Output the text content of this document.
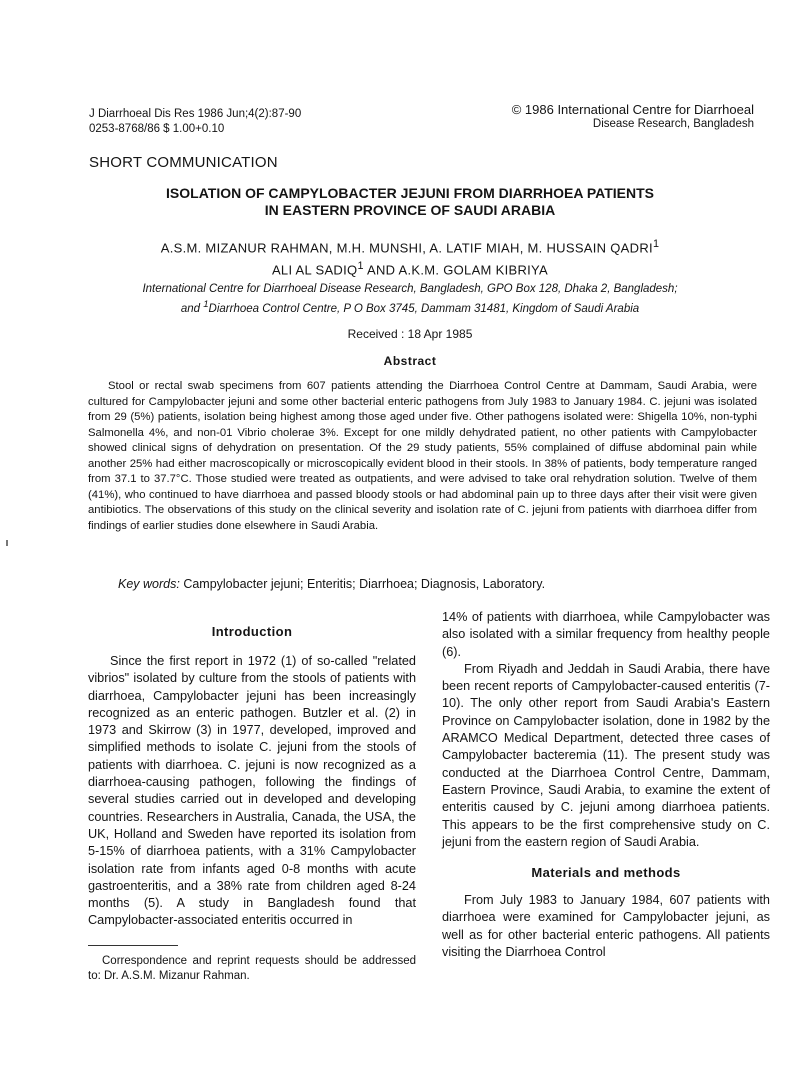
J Diarrhoeal Dis Res 1986 Jun;4(2):87-90
0253-8768/86 $ 1.00+0.10
© 1986 International Centre for Diarrhoeal
Disease Research, Bangladesh
SHORT COMMUNICATION
ISOLATION OF CAMPYLOBACTER JEJUNI FROM DIARRHOEA PATIENTS
IN EASTERN PROVINCE OF SAUDI ARABIA
A.S.M. MIZANUR RAHMAN, M.H. MUNSHI, A. LATIF MIAH, M. HUSSAIN QADRI$^1$
ALI AL SADIQ$^1$ AND A.K.M. GOLAM KIBRIYA
International Centre for Diarrhoeal Disease Research, Bangladesh, GPO Box 128, Dhaka 2, Bangladesh;
and $^1$Diarrhoea Control Centre, P O Box 3745, Dammam 31481, Kingdom of Saudi Arabia
Received : 18 Apr 1985
Abstract

Stool or rectal swab specimens from 607 patients attending the Diarrhoea Control Centre at Dammam, Saudi Arabia, were cultured for Campylobacter jejuni and some other bacterial enteric pathogens from July 1983 to January 1984. C. jejuni was isolated from 29 (5%) patients, isolation being highest among those aged under five. Other pathogens isolated were: Shigella 10%, non-typhi Salmonella 4%, and non-01 Vibrio cholerae 3%. Except for one mildly dehydrated patient, no other patients with Campylobacter showed clinical signs of dehydration on presentation. Of the 29 study patients, 55% complained of diffuse abdominal pain while another 25% had either macroscopically or microscopically evident blood in their stools. In 38% of patients, body temperature ranged from 37.1 to 37.7°C. Those studied were treated as outpatients, and were advised to take oral rehydration solution. Twelve of them (41%), who continued to have diarrhoea and passed bloody stools or had abdominal pain up to three days after their visit were given antibiotics. The observations of this study on the clinical severity and isolation rate of C. jejuni from patients with diarrhoea differ from findings of earlier studies done elsewhere in Saudi Arabia.

Key words: Campylobacter jejuni; Enteritis; Diarrhoea; Diagnosis, Laboratory.
Introduction

Since the first report in 1972 (1) of so-called "related vibrios" isolated by culture from the stools of patients with diarrhoea, Campylobacter jejuni has been increasingly recognized as an enteric pathogen. Butzler et al. (2) in 1973 and Skirrow (3) in 1977, developed, improved and simplified methods to isolate C. jejuni from the stools of patients with diarrhoea. C. jejuni is now recognized as a diarrhoea-causing pathogen, following the findings of several studies carried out in developed and developing countries. Researchers in Australia, Canada, the USA, the UK, Holland and Sweden have reported its isolation from 5-15% of diarrhoea patients, with a 31% Campylobacter isolation rate from infants aged 0-8 months with acute gastroenteritis, and a 38% rate from children aged 8-24 months (5). A study in Bangladesh found that Campylobacter-associated enteritis occurred in

14% of patients with diarrhoea, while Campylobacter was also isolated with a similar frequency from healthy people (6).

From Riyadh and Jeddah in Saudi Arabia, there have been recent reports of Campylobacter-caused enteritis (7-10). The only other report from Saudi Arabia's Eastern Province on Campylobacter isolation, done in 1982 by the ARAMCO Medical Department, detected three cases of Campylobacter bacteremia (11). The present study was conducted at the Diarrhoea Control Centre, Dammam, Eastern Province, Saudi Arabia, to examine the extent of enteritis caused by C. jejuni among diarrhoea patients. This appears to be the first comprehensive study on C. jejuni from the eastern region of Saudi Arabia.

Materials and methods

From July 1983 to January 1984, 607 patients with diarrhoea were examined for Campylobacter jejuni, as well as for other bacterial enteric pathogens. All patients visiting the Diarrhoea Control

Correspondence and reprint requests should be addressed to: Dr. A.S.M. Mizanur Rahman.
